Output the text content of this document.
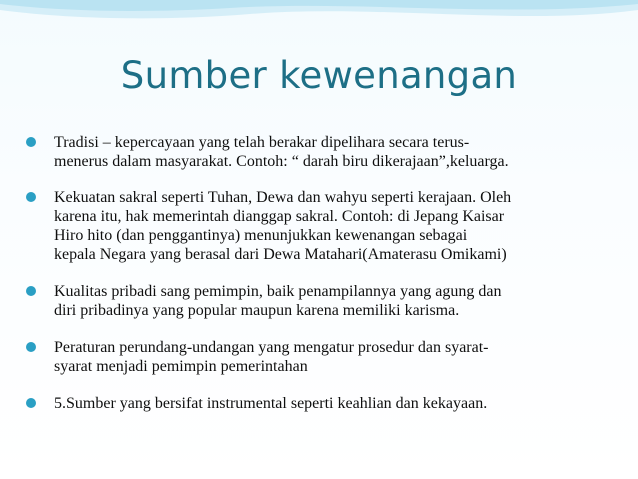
Sumber kewenangan
Tradisi – kepercayaan yang telah berakar dipelihara secara terus-
menerus dalam masyarakat. Contoh: “ darah biru dikerajaan”,keluarga.
Kekuatan sakral seperti Tuhan, Dewa dan wahyu seperti kerajaan. Oleh
karena itu, hak memerintah dianggap sakral. Contoh: di Jepang Kaisar
Hiro hito (dan penggantinya) menunjukkan kewenangan sebagai
kepala Negara yang berasal dari Dewa Matahari(Amaterasu Omikami)
Kualitas pribadi sang pemimpin, baik penampilannya yang agung dan
diri pribadinya yang popular maupun karena memiliki karisma.
Peraturan perundang-undangan yang mengatur prosedur dan syarat-
syarat menjadi pemimpin pemerintahan
5.Sumber yang bersifat instrumental seperti keahlian dan kekayaan.
